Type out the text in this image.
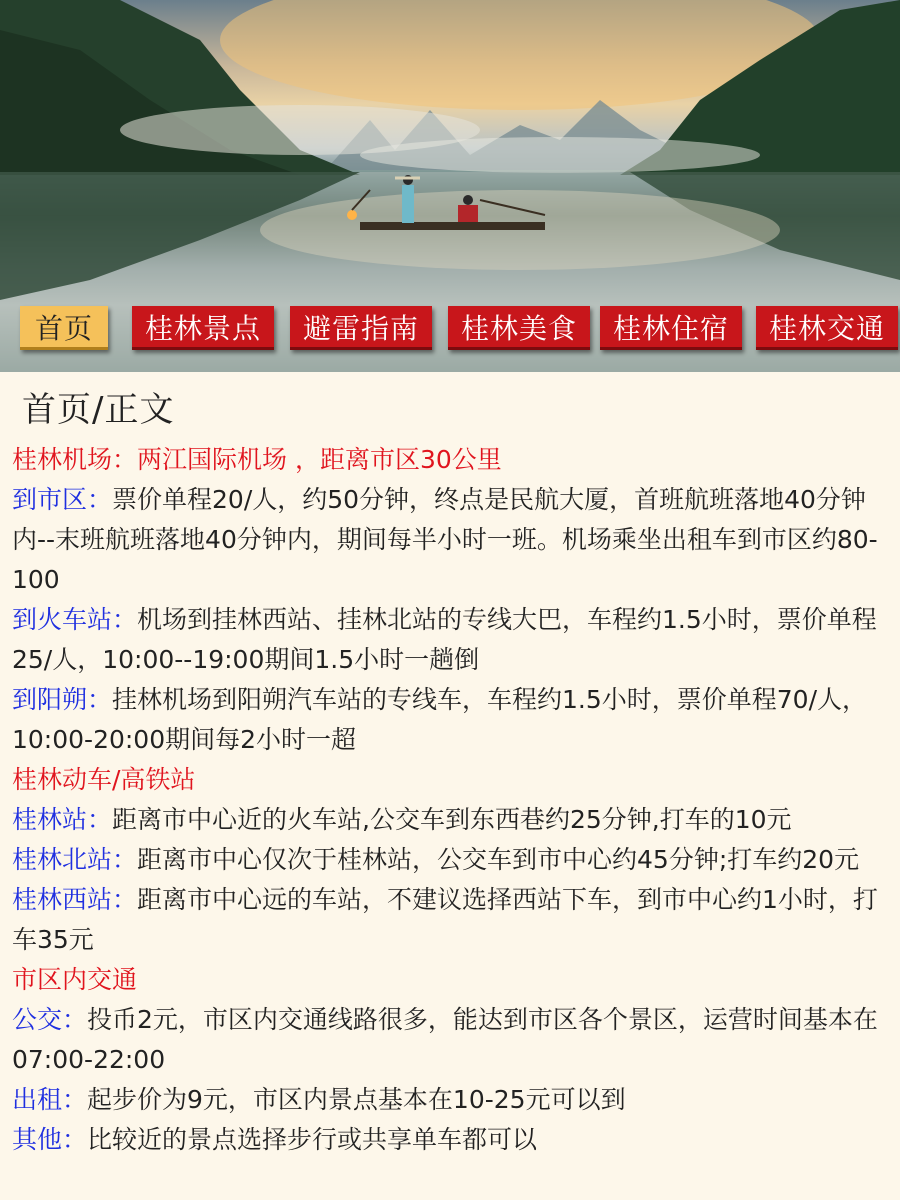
首页	桂林景点	避雷指南	桂林美食	桂林住宿	桂林交通
首页/正文

桂林机场：两江国际机场 ，距离市区30公里

到市区：票价单程20/人，约50分钟，终点是民航大厦，首班航班落地40分钟内--末班航班落地40分钟内，期间每半小时一班。机场乘坐出租车到市区约80-100

到火车站：机场到挂林西站、挂林北站的专线大巴，车程约1.5小时，票价单程25/人，10:00--19:00期间1.5小时一趟倒

到阳朔：挂林机场到阳朔汽车站的专线车，车程约1.5小时，票价单程70/人，10:00-20:00期间每2小时一超

桂林动车/高铁站

桂林站：距离市中心近的火车站,公交车到东西巷约25分钟,打车的10元

桂林北站：距离市中心仅次于桂林站，公交车到市中心约45分钟;打车约20元

桂林西站：距离市中心远的车站，不建议选择西站下车，到市中心约1小时，打车35元

市区内交通

公交：投币2元，市区内交通线路很多，能达到市区各个景区，运营时间基本在07:00-22:00

出租：起步价为9元，市区内景点基本在10-25元可以到

其他：比较近的景点选择步行或共享单车都可以
